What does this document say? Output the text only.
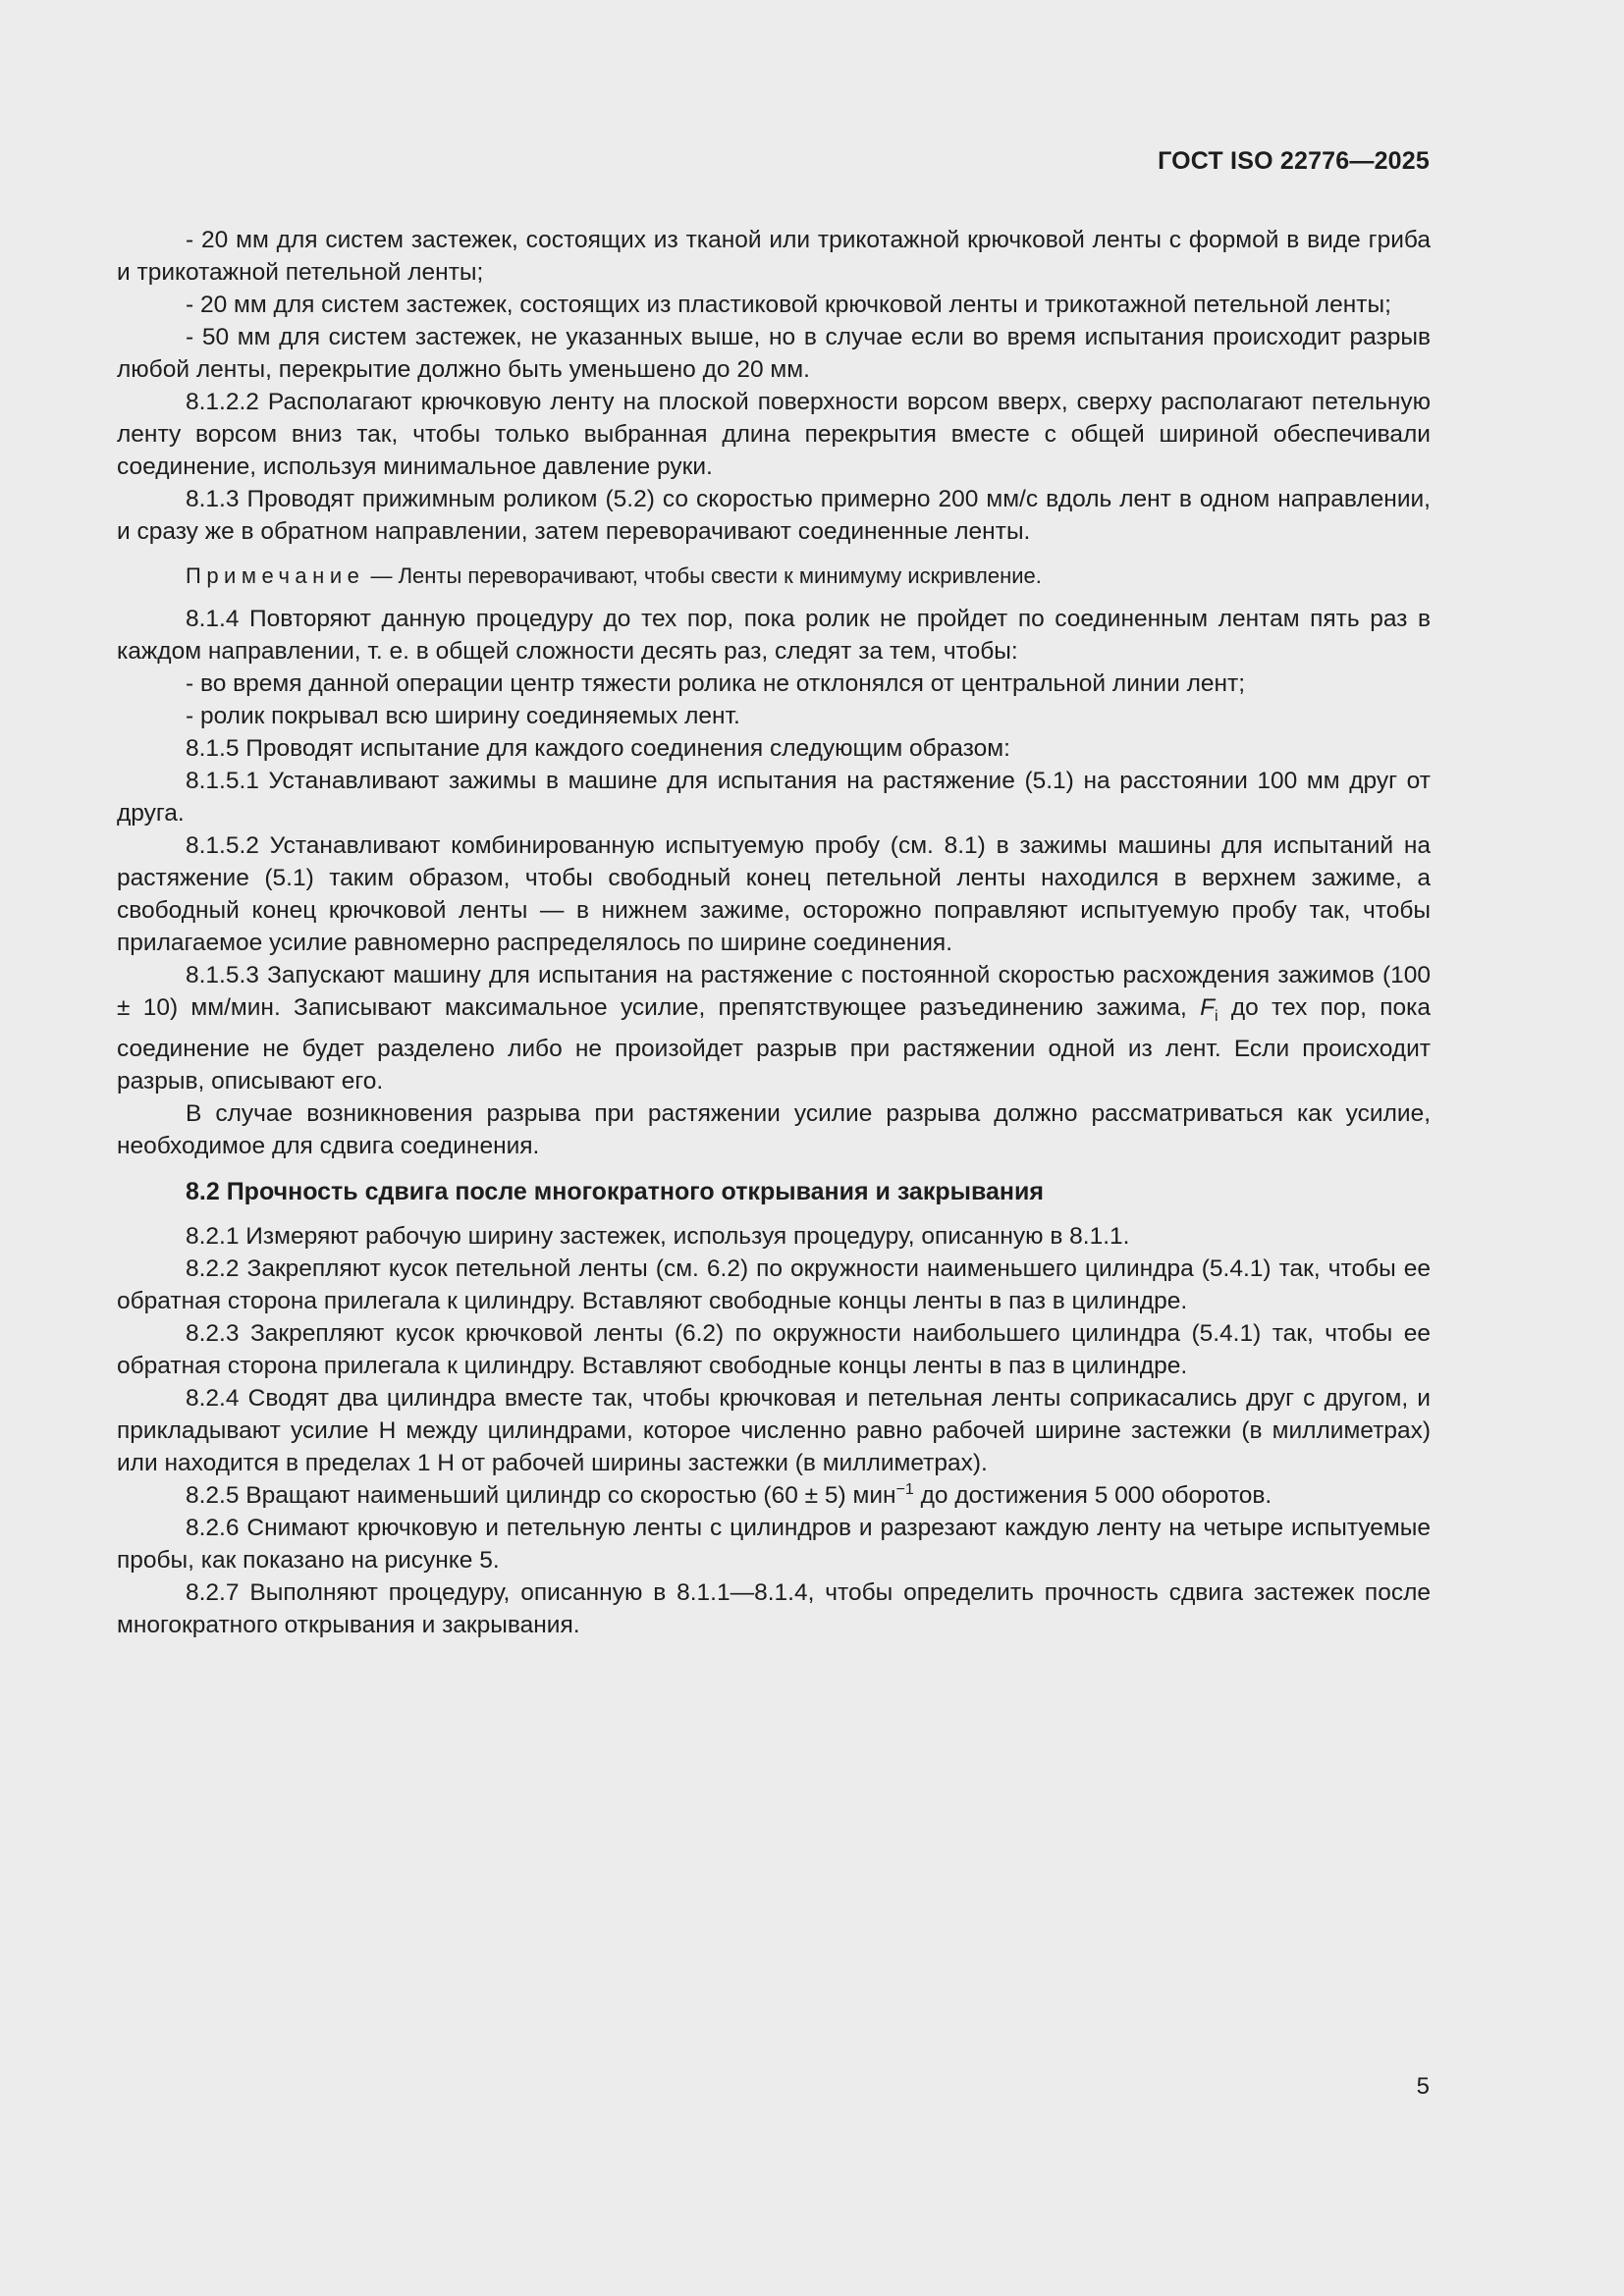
ГОСТ ISO 22776—2025

- 20 мм для систем застежек, состоящих из тканой или трикотажной крючковой ленты с формой в виде гриба и трикотажной петельной ленты;

- 20 мм для систем застежек, состоящих из пластиковой крючковой ленты и трикотажной петельной ленты;

- 50 мм для систем застежек, не указанных выше, но в случае если во время испытания происходит разрыв любой ленты, перекрытие должно быть уменьшено до 20 мм.

8.1.2.2 Располагают крючковую ленту на плоской поверхности ворсом вверх, сверху располагают петельную ленту ворсом вниз так, чтобы только выбранная длина перекрытия вместе с общей шириной обеспечивали соединение, используя минимальное давление руки.

8.1.3 Проводят прижимным роликом (5.2) со скоростью примерно 200 мм/с вдоль лент в одном направлении, и сразу же в обратном направлении, затем переворачивают соединенные ленты.

Примечание — Ленты переворачивают, чтобы свести к минимуму искривление.

8.1.4 Повторяют данную процедуру до тех пор, пока ролик не пройдет по соединенным лентам пять раз в каждом направлении, т. е. в общей сложности десять раз, следят за тем, чтобы:

- во время данной операции центр тяжести ролика не отклонялся от центральной линии лент;

- ролик покрывал всю ширину соединяемых лент.

8.1.5 Проводят испытание для каждого соединения следующим образом:

8.1.5.1 Устанавливают зажимы в машине для испытания на растяжение (5.1) на расстоянии 100 мм друг от друга.

8.1.5.2 Устанавливают комбинированную испытуемую пробу (см. 8.1) в зажимы машины для испытаний на растяжение (5.1) таким образом, чтобы свободный конец петельной ленты находился в верхнем зажиме, а свободный конец крючковой ленты — в нижнем зажиме, осторожно поправляют испытуемую пробу так, чтобы прилагаемое усилие равномерно распределялось по ширине соединения.

8.1.5.3 Запускают машину для испытания на растяжение с постоянной скоростью расхождения зажимов (100 ± 10) мм/мин. Записывают максимальное усилие, препятствующее разъединению зажима, $F_i$ до тех пор, пока соединение не будет разделено либо не произойдет разрыв при растяжении одной из лент. Если происходит разрыв, описывают его.

В случае возникновения разрыва при растяжении усилие разрыва должно рассматриваться как усилие, необходимое для сдвига соединения.

8.2 Прочность сдвига после многократного открывания и закрывания

8.2.1 Измеряют рабочую ширину застежек, используя процедуру, описанную в 8.1.1.

8.2.2 Закрепляют кусок петельной ленты (см. 6.2) по окружности наименьшего цилиндра (5.4.1) так, чтобы ее обратная сторона прилегала к цилиндру. Вставляют свободные концы ленты в паз в цилиндре.

8.2.3 Закрепляют кусок крючковой ленты (6.2) по окружности наибольшего цилиндра (5.4.1) так, чтобы ее обратная сторона прилегала к цилиндру. Вставляют свободные концы ленты в паз в цилиндре.

8.2.4 Сводят два цилиндра вместе так, чтобы крючковая и петельная ленты соприкасались друг с другом, и прикладывают усилие Н между цилиндрами, которое численно равно рабочей ширине застежки (в миллиметрах) или находится в пределах 1 Н от рабочей ширины застежки (в миллиметрах).

8.2.5 Вращают наименьший цилиндр со скоростью (60 ± 5) мин$^{-1}$ до достижения 5 000 оборотов.

8.2.6 Снимают крючковую и петельную ленты с цилиндров и разрезают каждую ленту на четыре испытуемые пробы, как показано на рисунке 5.

8.2.7 Выполняют процедуру, описанную в 8.1.1—8.1.4, чтобы определить прочность сдвига застежек после многократного открывания и закрывания.

5
